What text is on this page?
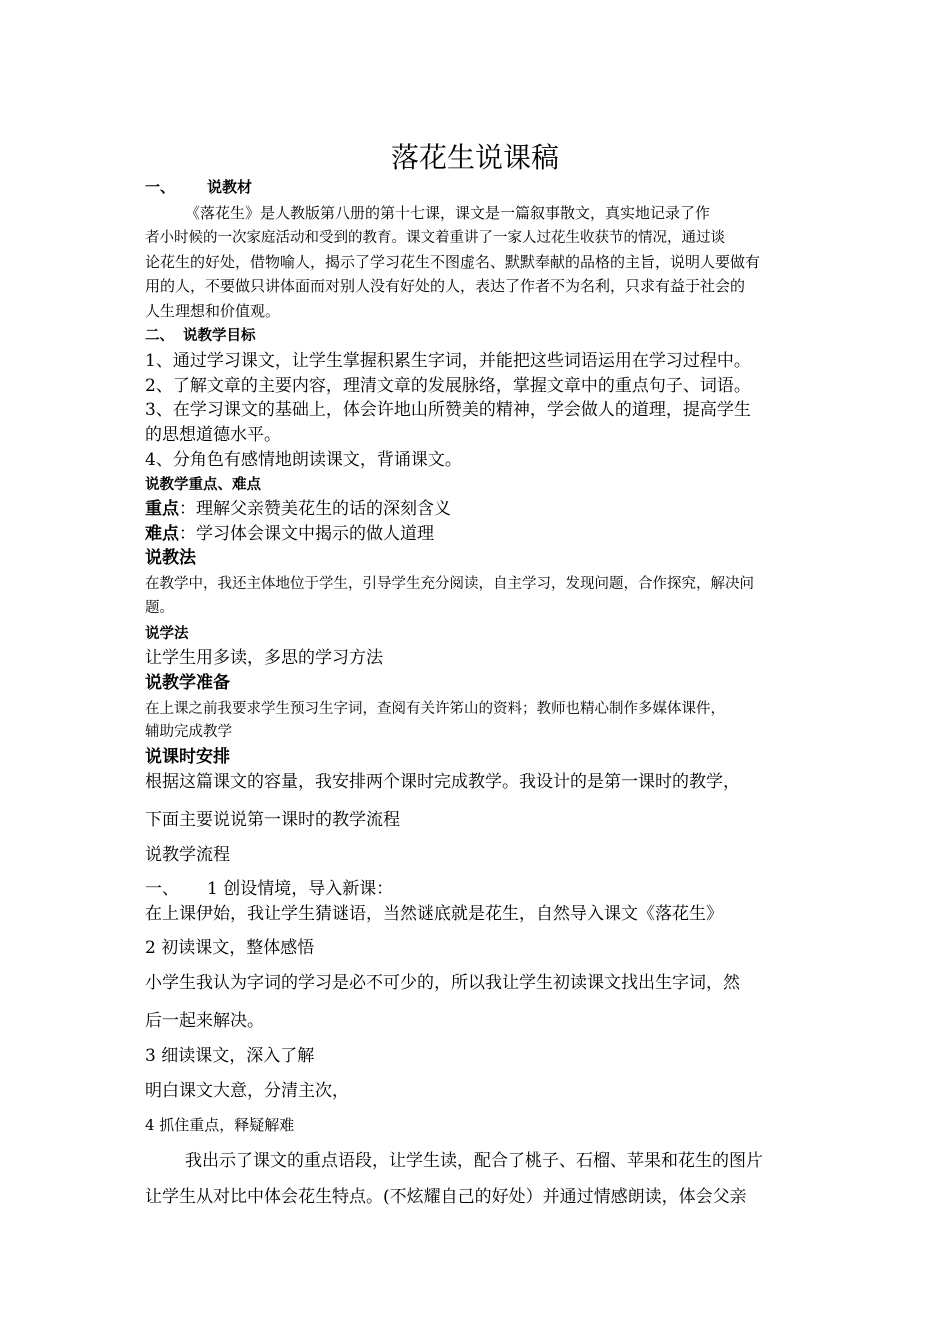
落花生说课稿
一、 说教材
《落花生》是人教版第八册的第十七课，课文是一篇叙事散文，真实地记录了作
者小时候的一次家庭活动和受到的教育。课文着重讲了一家人过花生收获节的情况，通过谈
论花生的好处，借物喻人，揭示了学习花生不图虚名、默默奉献的品格的主旨，说明人要做有
用的人，不要做只讲体面而对别人没有好处的人，表达了作者不为名利，只求有益于社会的
人生理想和价值观。
二、 说教学目标
1、通过学习课文，让学生掌握积累生字词，并能把这些词语运用在学习过程中。
2、了解文章的主要内容，理清文章的发展脉络，掌握文章中的重点句子、词语。
3、在学习课文的基础上，体会许地山所赞美的精神，学会做人的道理，提高学生
的思想道德水平。
4、分角色有感情地朗读课文，背诵课文。
说教学重点、难点
重点：理解父亲赞美花生的话的深刻含义
难点：学习体会课文中揭示的做人道理
说教法
在教学中，我还主体地位于学生，引导学生充分阅读，自主学习，发现问题，合作探究，解决问
题。
说学法
让学生用多读，多思的学习方法
说教学准备
在上课之前我要求学生预习生字词，查阅有关许笫山的资料；教师也精心制作多媒体课件，
辅助完成教学
说课时安排
根据这篇课文的容量，我安排两个课时完成教学。我设计的是第一课时的教学，
下面主要说说第一课时的教学流程
说教学流程
一、 1 创设情境，导入新课：
在上课伊始，我让学生猜谜语，当然谜底就是花生，自然导入课文《落花生》
2 初读课文，整体感悟
小学生我认为字词的学习是必不可少的，所以我让学生初读课文找出生字词，然
后一起来解决。
3 细读课文，深入了解
明白课文大意，分清主次，
4 抓住重点，释疑解难
我出示了课文的重点语段，让学生读，配合了桃子、石榴、苹果和花生的图片
让学生从对比中体会花生特点。(不炫耀自己的好处）并通过情感朗读，体会父亲
